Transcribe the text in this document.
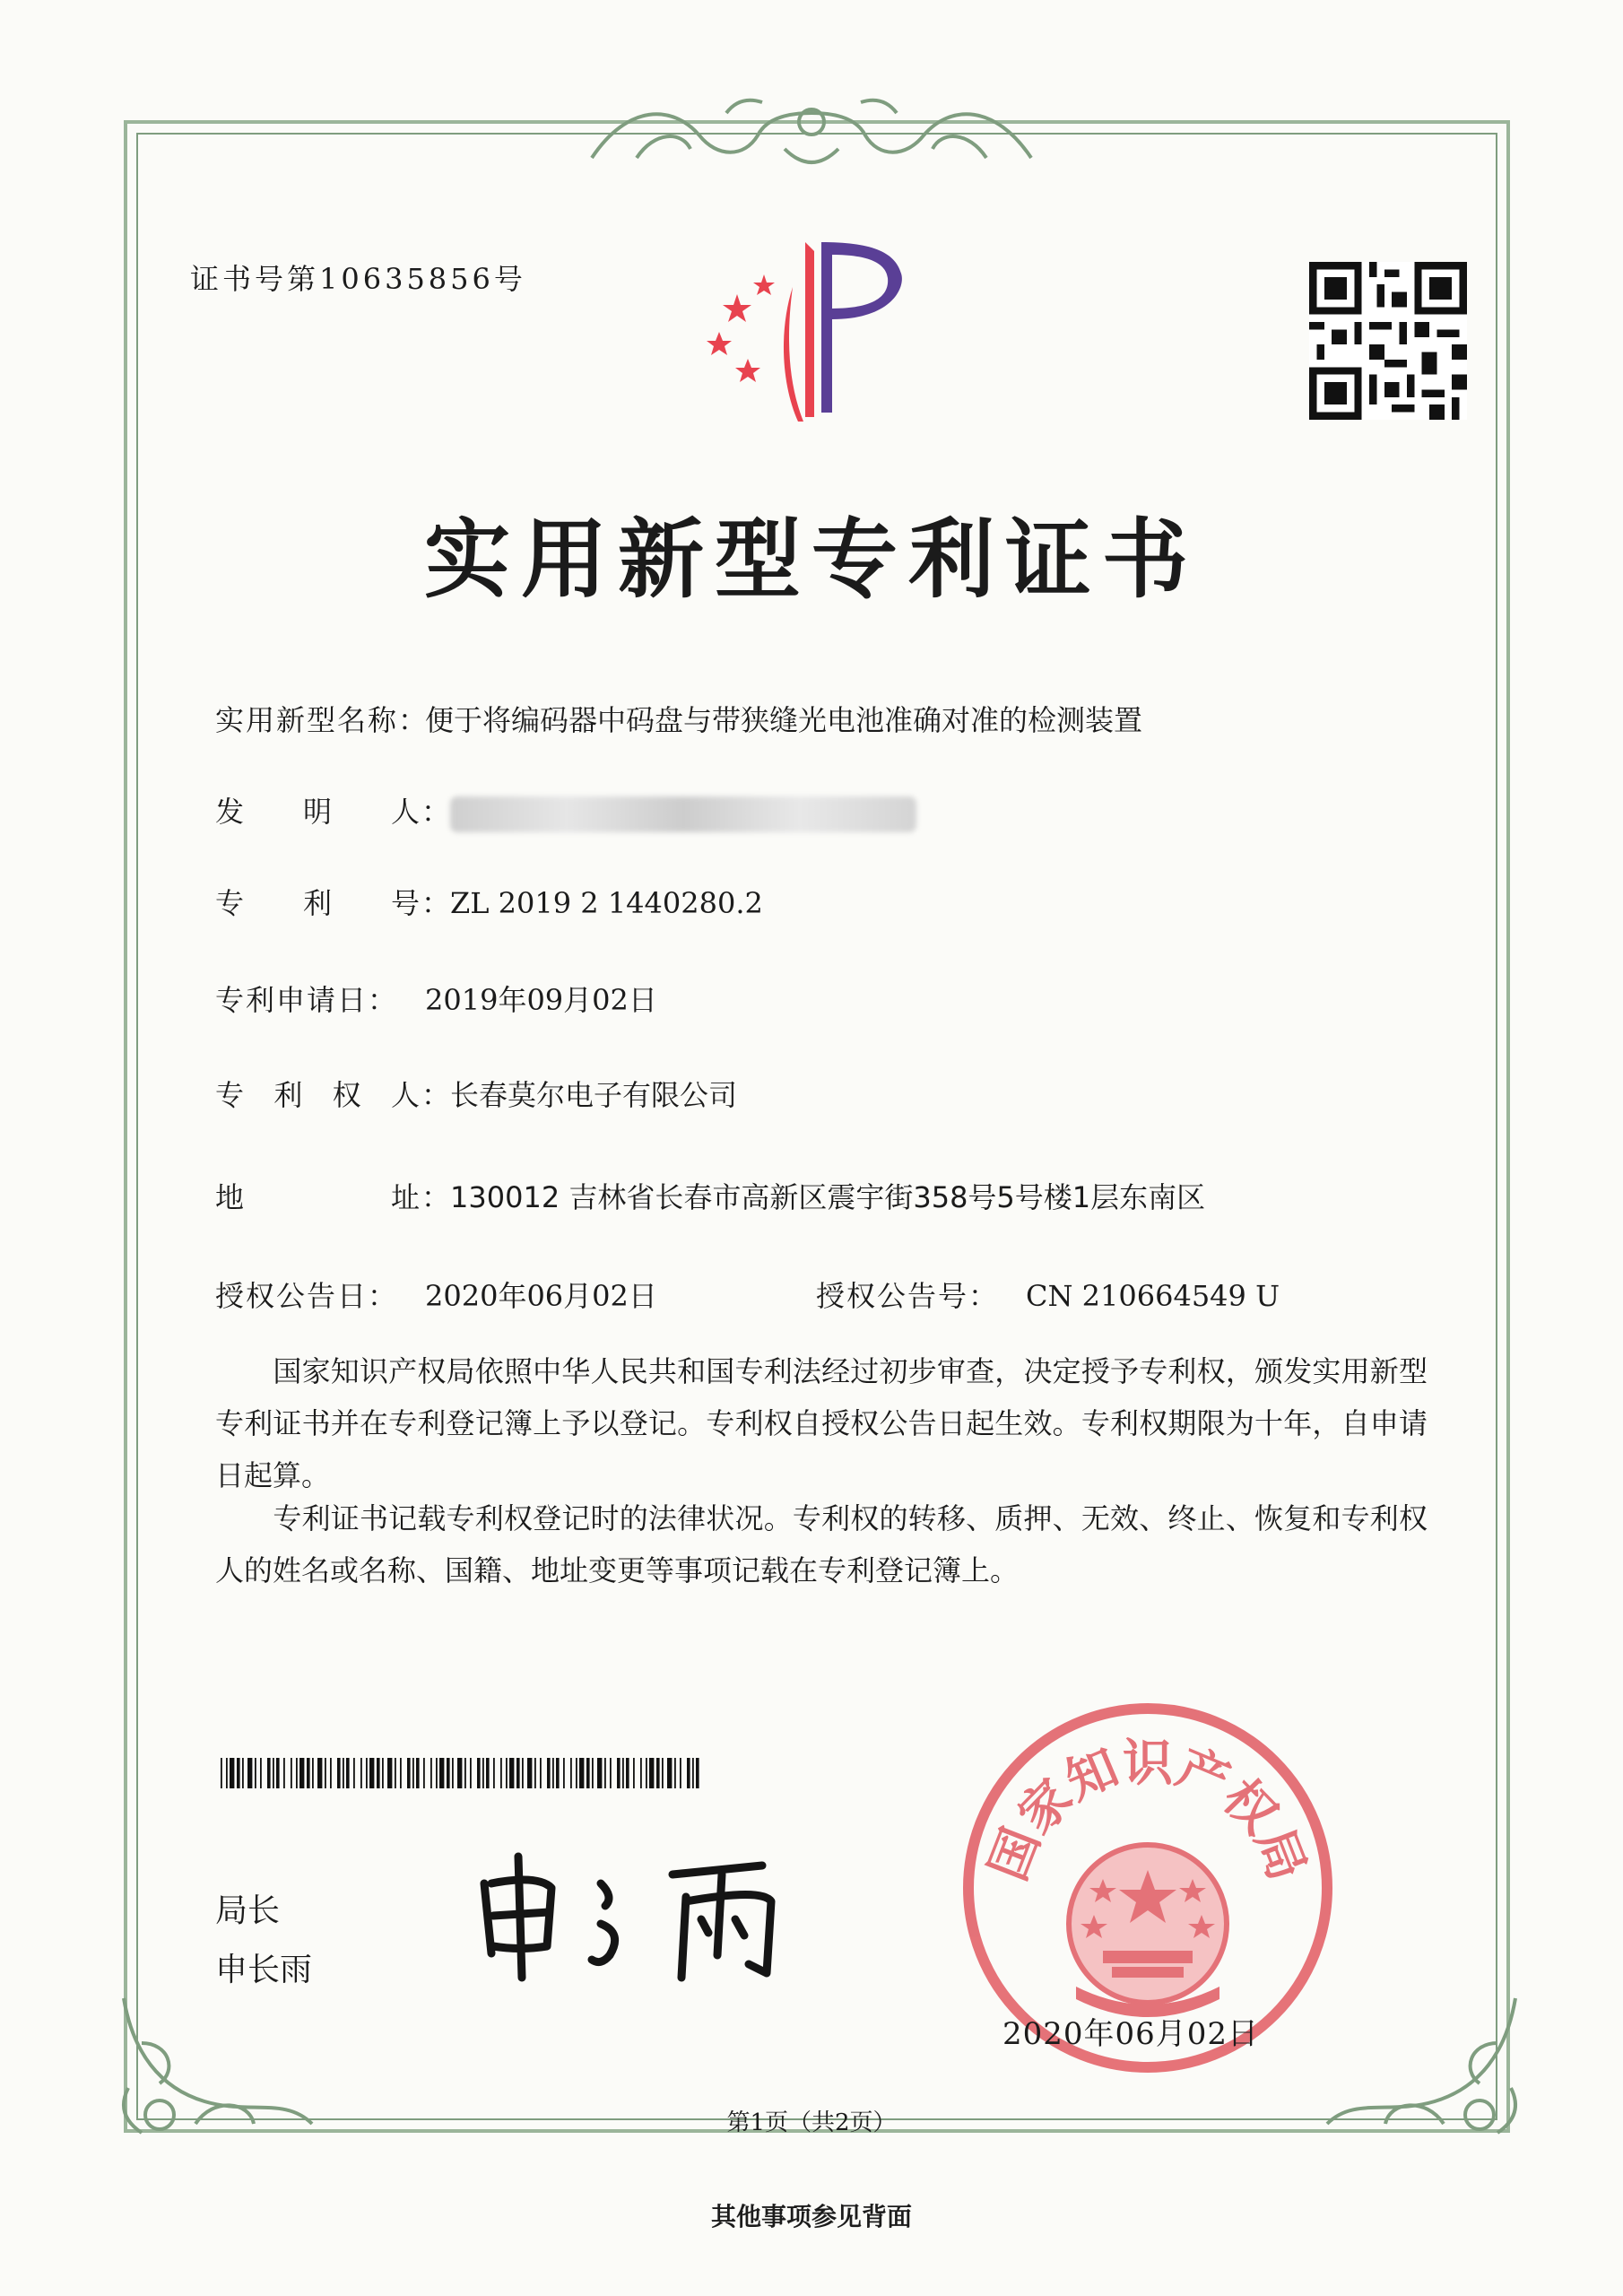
证书号第10635856号
实用新型专利证书
实用新型名称：便于将编码器中码盘与带狭缝光电池准确对准的检测装置
发 明 人 ：
专 利 号 ：ZL 2019 2 1440280.2
专利申请日： 2019年09月02日
专 利 权 人 ：长春莫尔电子有限公司
地	址 ：130012 吉林省长春市高新区震宇街358号5号楼1层东南区
授权公告日： 2020年06月02日	授权公告号： CN 210664549 U
　　国家知识产权局依照中华人民共和国专利法经过初步审查，决定授予专利权，颁发实用新型专利证书并在专利登记簿上予以登记。专利权自授权公告日起生效。专利权期限为十年，自申请日起算。
　　专利证书记载专利权登记时的法律状况。专利权的转移、质押、无效、终止、恢复和专利权人的姓名或名称、国籍、地址变更等事项记载在专利登记簿上。
局长
申长雨
国家知识产权局
2020年06月02日
第1页（共2页）
其他事项参见背面
